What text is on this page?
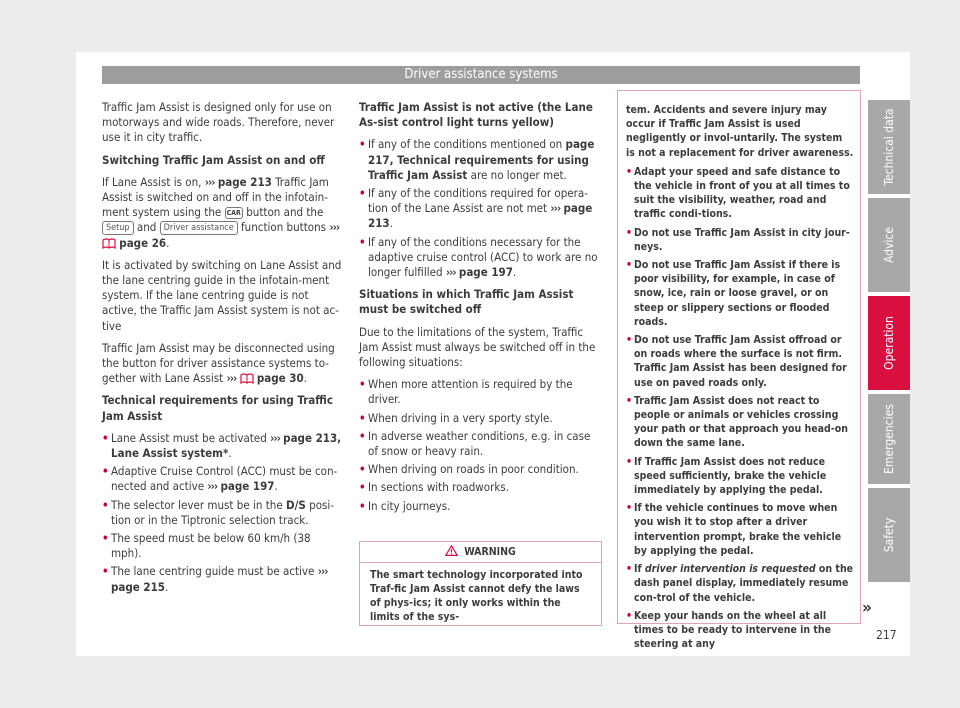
Driver assistance systems

Traffic Jam Assist is designed only for use on motorways and wide roads. Therefore, never use it in city traffic.

Switching Traffic Jam Assist on and off

If Lane Assist is on, ››› page 213 Traffic Jam Assist is switched on and off in the infotain-ment system using the CAR button and the Setup and Driver assistance function buttons ›››  page 26.

It is activated by switching on Lane Assist and the lane centring guide in the infotain-ment system. If the lane centring guide is not active, the Traffic Jam Assist system is not ac-tive

Traffic Jam Assist may be disconnected using the button for driver assistance systems to-gether with Lane Assist ››› page 30.

Technical requirements for using Traffic Jam Assist
• Lane Assist must be activated ››› page 213, Lane Assist system*.
• Adaptive Cruise Control (ACC) must be con-nected and active ››› page 197.
• The selector lever must be in the D/S posi-tion or in the Tiptronic selection track.
• The speed must be below 60 km/h (38 mph).
• The lane centring guide must be active ››› page 215.
Traffic Jam Assist is not active (the Lane As-sist control light turns yellow)
• If any of the conditions mentioned on page 217, Technical requirements for using Traffic Jam Assist are no longer met.
• If any of the conditions required for opera-tion of the Lane Assist are not met ››› page 213.
• If any of the conditions necessary for the adaptive cruise control (ACC) to work are no longer fulfilled ››› page 197.
Situations in which Traffic Jam Assist must be switched off

Due to the limitations of the system, Traffic Jam Assist must always be switched off in the following situations:

• When more attention is required by the driver.
• When driving in a very sporty style.
• In adverse weather conditions, e.g. in case of snow or heavy rain.
• When driving on roads in poor condition.
• In sections with roadworks.
• In city journeys.
WARNING
The smart technology incorporated into Traf-fic Jam Assist cannot defy the laws of phys-ics; it only works within the limits of the sys-

tem. Accidents and severe injury may occur if Traffic Jam Assist is used negligently or invol-untarily. The system is not a replacement for driver awareness.

• Adapt your speed and safe distance to the vehicle in front of you at all times to suit the visibility, weather, road and traffic condi-tions.
• Do not use Traffic Jam Assist in city jour-neys.
• Do not use Traffic Jam Assist if there is poor visibility, for example, in case of snow, ice, rain or loose gravel, or on steep or slippery sections or flooded roads.
• Do not use Traffic Jam Assist offroad or on roads where the surface is not firm. Traffic Jam Assist has been designed for use on paved roads only.
• Traffic Jam Assist does not react to people or animals or vehicles crossing your path or that approach you head-on down the same lane.
• If Traffic Jam Assist does not reduce speed sufficiently, brake the vehicle immediately by applying the pedal.
• If the vehicle continues to move when you wish it to stop after a driver intervention prompt, brake the vehicle by applying the pedal.
• If driver intervention is requested on the dash panel display, immediately resume con-trol of the vehicle.
• Keep your hands on the wheel at all times to be ready to intervene in the steering at any
»
217
Technical data
Advice
Operation
Emergencies
Safety
